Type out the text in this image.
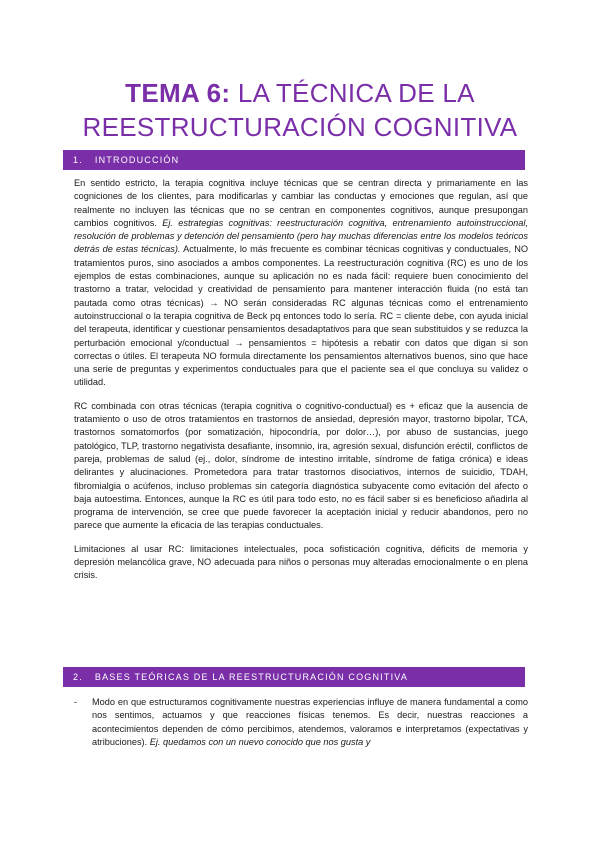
TEMA 6: LA TÉCNICA DE LA
REESTRUCTURACIÓN COGNITIVA
1. INTRODUCCIÓN

En sentido estricto, la terapia cognitiva incluye técnicas que se centran directa y primariamente en las cogniciones de los clientes, para modificarlas y cambiar las conductas y emociones que regulan, así que realmente no incluyen las técnicas que no se centran en componentes cognitivos, aunque presupongan cambios cognitivos. Ej. estrategias cognitivas: reestructuración cognitiva, entrenamiento autoinstruccional, resolución de problemas y detención del pensamiento (pero hay muchas diferencias entre los modelos teóricos detrás de estas técnicas). Actualmente, lo más frecuente es combinar técnicas cognitivas y conductuales, NO tratamientos puros, sino asociados a ambos componentes. La reestructuración cognitiva (RC) es uno de los ejemplos de estas combinaciones, aunque su aplicación no es nada fácil: requiere buen conocimiento del trastorno a tratar, velocidad y creatividad de pensamiento para mantener interacción fluida (no está tan pautada como otras técnicas) → NO serán consideradas RC algunas técnicas como el entrenamiento autoinstruccional o la terapia cognitiva de Beck pq entonces todo lo sería. RC = cliente debe, con ayuda inicial del terapeuta, identificar y cuestionar pensamientos desadaptativos para que sean substituidos y se reduzca la perturbación emocional y/conductual → pensamientos = hipótesis a rebatir con datos que digan si son correctas o útiles. El terapeuta NO formula directamente los pensamientos alternativos buenos, sino que hace una serie de preguntas y experimentos conductuales para que el paciente sea el que concluya su validez o utilidad.

RC combinada con otras técnicas (terapia cognitiva o cognitivo-conductual) es + eficaz que la ausencia de tratamiento o uso de otros tratamientos en trastornos de ansiedad, depresión mayor, trastorno bipolar, TCA, trastornos somatomorfos (por somatización, hipocondría, por dolor…), por abuso de sustancias, juego patológico, TLP, trastorno negativista desafiante, insomnio, ira, agresión sexual, disfunción eréctil, conflictos de pareja, problemas de salud (ej., dolor, síndrome de intestino irritable, síndrome de fatiga crónica) e ideas delirantes y alucinaciones. Prometedora para tratar trastornos disociativos, internos de suicidio, TDAH, fibromialgia o acúfenos, incluso problemas sin categoría diagnóstica subyacente como evitación del afecto o baja autoestima. Entonces, aunque la RC es útil para todo esto, no es fácil saber si es beneficioso añadirla al programa de intervención, se cree que puede favorecer la aceptación inicial y reducir abandonos, pero no parece que aumente la eficacia de las terapias conductuales.

Limitaciones al usar RC: limitaciones intelectuales, poca sofisticación cognitiva, déficits de memoria y depresión melancólica grave, NO adecuada para niños o personas muy alteradas emocionalmente o en plena crisis.

2. BASES TEÓRICAS DE LA REESTRUCTURACIÓN COGNITIVA
- Modo en que estructuramos cognitivamente nuestras experiencias influye de manera fundamental a como nos sentimos, actuamos y que reacciones físicas tenemos. Es decir, nuestras reacciones a acontecimientos dependen de cómo percibimos, atendemos, valoramos e interpretamos (expectativas y atribuciones). Ej. quedamos con un nuevo conocido que nos gusta y
